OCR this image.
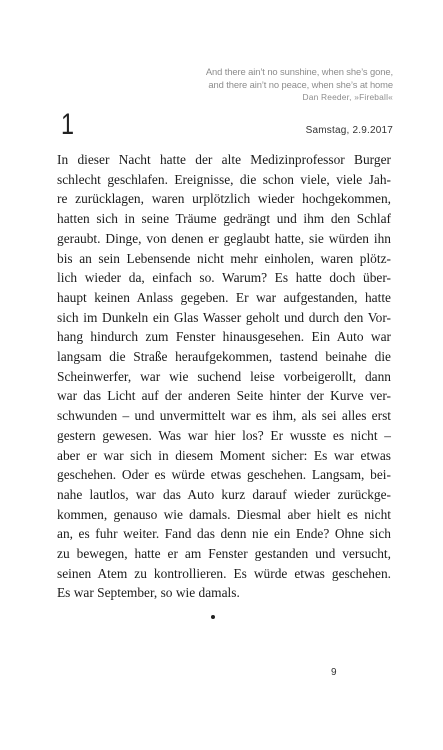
And there ain’t no sunshine, when she’s gone,
and there ain’t no peace, when she’s at home
Dan Reeder, »Fireball«
1	Samstag, 2.9.2017
In dieser Nacht hatte der alte Medizinprofessor Burger
schlecht geschlafen. Ereignisse, die schon viele, viele Jah-
re zurücklagen, waren urplötzlich wieder hochgekommen,
hatten sich in seine Träume gedrängt und ihm den Schlaf
geraubt. Dinge, von denen er geglaubt hatte, sie würden ihn
bis an sein Lebensende nicht mehr einholen, waren plötz-
lich wieder da, einfach so. Warum? Es hatte doch über-
haupt keinen Anlass gegeben. Er war aufgestanden, hatte
sich im Dunkeln ein Glas Wasser geholt und durch den Vor-
hang hindurch zum Fenster hinausgesehen. Ein Auto war
langsam die Straße heraufgekommen, tastend beinahe die
Scheinwerfer, war wie suchend leise vorbeigerollt, dann
war das Licht auf der anderen Seite hinter der Kurve ver-
schwunden – und unvermittelt war es ihm, als sei alles erst
gestern gewesen. Was war hier los? Er wusste es nicht –
aber er war sich in diesem Moment sicher: Es war etwas
geschehen. Oder es würde etwas geschehen. Langsam, bei-
nahe lautlos, war das Auto kurz darauf wieder zurückge-
kommen, genauso wie damals. Diesmal aber hielt es nicht
an, es fuhr weiter. Fand das denn nie ein Ende? Ohne sich
zu bewegen, hatte er am Fenster gestanden und versucht,
seinen Atem zu kontrollieren. Es würde etwas geschehen.
Es war September, so wie damals.
9
